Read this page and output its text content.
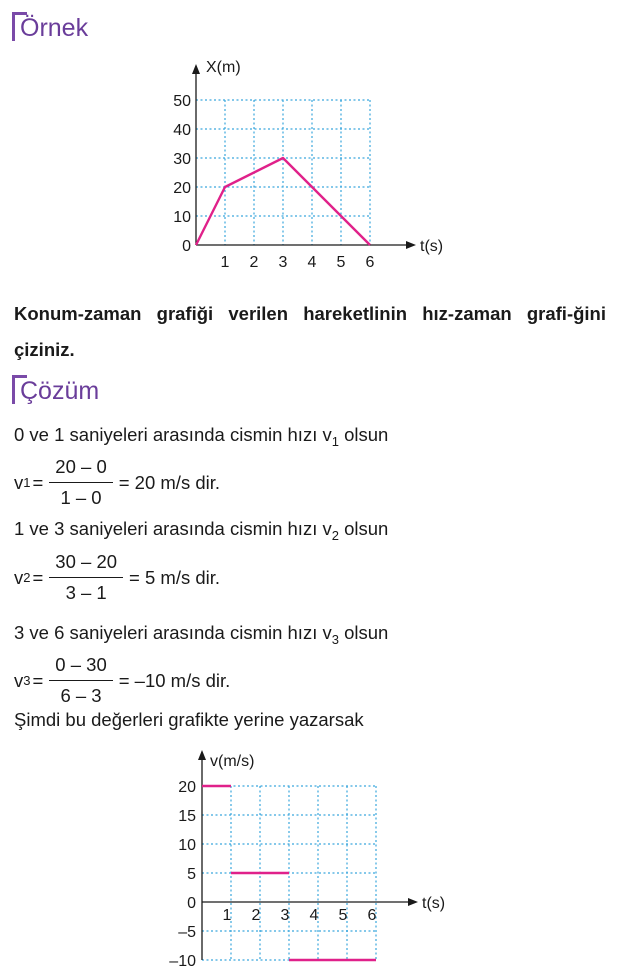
Örnek
X(m)
t(s)
1 2 3 4 5 6
0
10
20
30
40
50
Konum-zaman grafiği verilen hareketlinin hız-zaman grafi-ğini çiziniz.
Çözüm
0 ve 1 saniyeleri arasında cismin hızı $v_1$ olsun
v $1 = \frac{20 - 0}{1 - 0} = 20$ m/s dir.
1 ve 3 saniyeleri arasında cismin hızı $v_2$ olsun
v $2 = \frac{30 - 20}{3 - 1} = 5$ m/s dir.
3 ve 6 saniyeleri arasında cismin hızı $v_3$ olsun
v $3 = \frac{0 - 30}{6 - 3} = -10$ m/s dir.
Şimdi bu değerleri grafikte yerine yazarsak
v(m/s)
t(s)
1 2 3 4 5 6
20
15
10
5
0
–5
–10
